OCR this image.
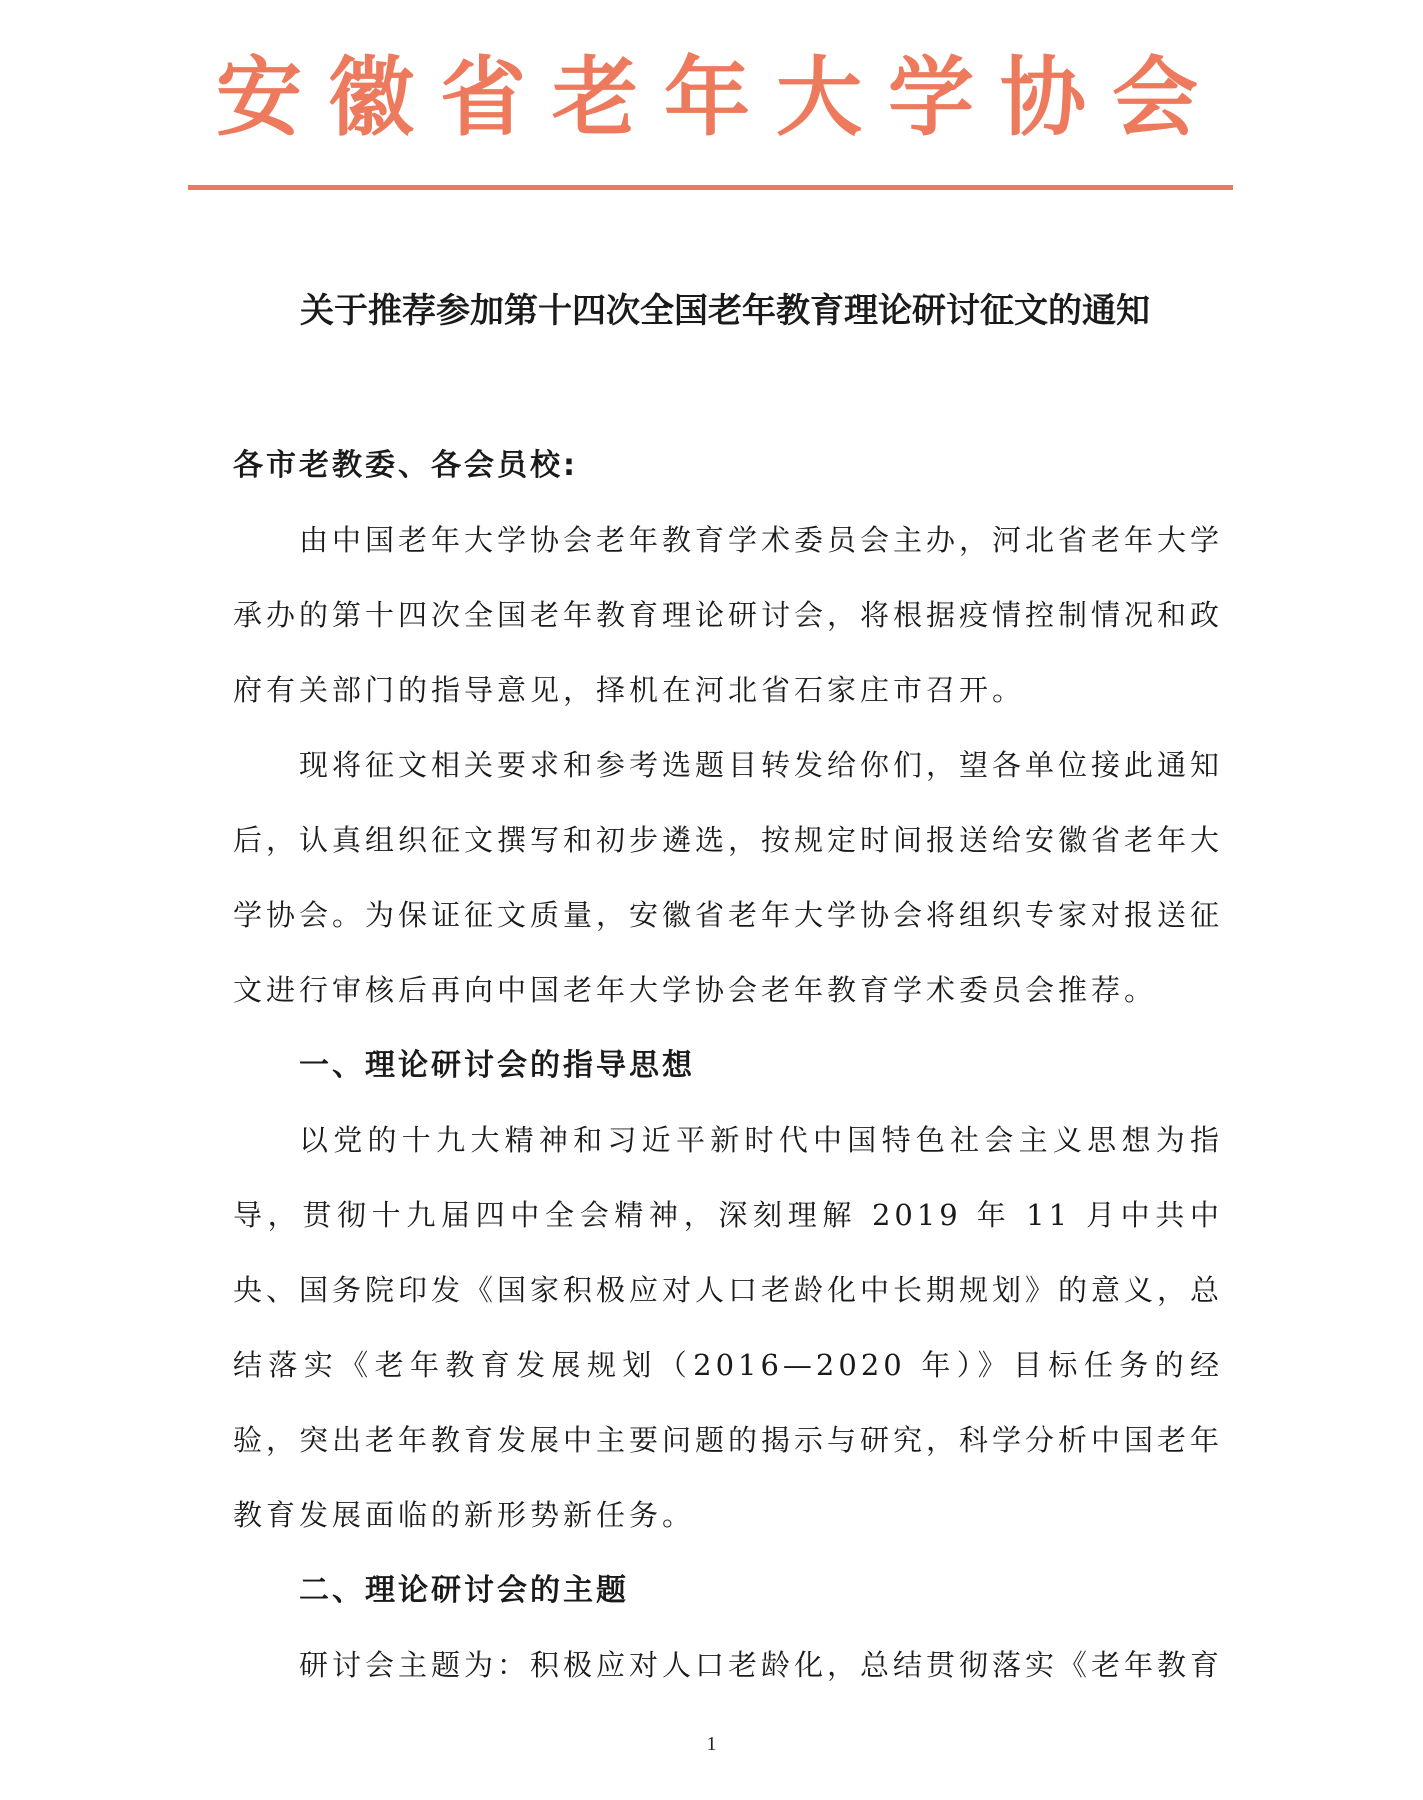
安徽省老年大学协会
关于推荐参加第十四次全国老年教育理论研讨征文的通知

各市老教委、各会员校:

由中国老年大学协会老年教育学术委员会主办，河北省老年大学承办的第十四次全国老年教育理论研讨会，将根据疫情控制情况和政府有关部门的指导意见，择机在河北省石家庄市召开。

现将征文相关要求和参考选题目转发给你们，望各单位接此通知后，认真组织征文撰写和初步遴选，按规定时间报送给安徽省老年大学协会。为保证征文质量，安徽省老年大学协会将组织专家对报送征文进行审核后再向中国老年大学协会老年教育学术委员会推荐。

一、理论研讨会的指导思想

以党的十九大精神和习近平新时代中国特色社会主义思想为指导，贯彻十九届四中全会精神，深刻理解 2019 年 11 月中共中央、国务院印发《国家积极应对人口老龄化中长期规划》的意义，总结落实《老年教育发展规划（2016—2020 年）》目标任务的经验，突出老年教育发展中主要问题的揭示与研究，科学分析中国老年教育发展面临的新形势新任务。

二、理论研讨会的主题

研讨会主题为：积极应对人口老龄化，总结贯彻落实《老年教育

1
